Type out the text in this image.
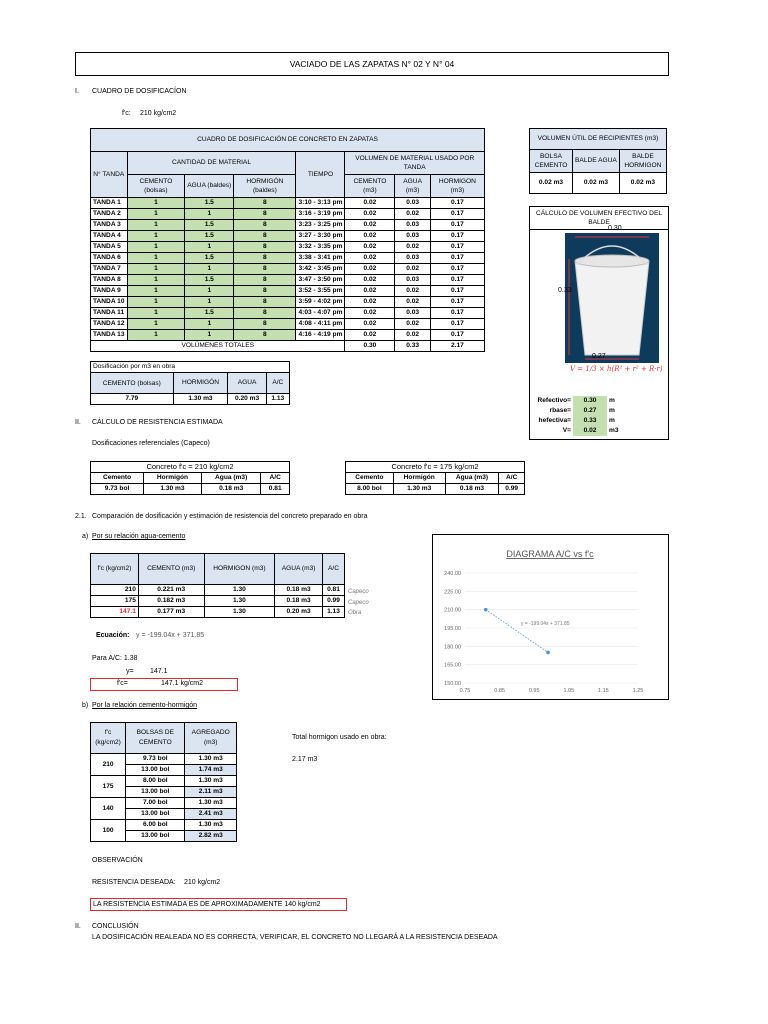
VACIADO DE LAS ZAPATAS N° 02 Y N° 04
I. CUADRO DE DOSIFICACÍON
f'c: 210 kg/cm2
CUADRO DE DOSIFICACIÓN DE CONCRETO EN ZAPATAS							
N° TANDA	CANTIDAD DE MATERIAL			TIEMPO	VOLUMEN DE MATERIAL USADO POR TANDA		
	CEMENTO (bolsas)	AGUA (baldes)	HORMIGÓN (baldes)		CEMENTO (m3)	AGUA (m3)	HORMIGON (m3)
TANDA 1	1	1.5	8	3:10 - 3:13 pm	0.02	0.03	0.17
TANDA 2	1	1	8	3:16 - 3:19 pm	0.02	0.02	0.17
TANDA 3	1	1.5	8	3:23 - 3:25 pm	0.02	0.03	0.17
TANDA 4	1	1.5	8	3:27 - 3:30 pm	0.02	0.03	0.17
TANDA 5	1	1	8	3:32 - 3:35 pm	0.02	0.02	0.17
TANDA 6	1	1.5	8	3:38 - 3:41 pm	0.02	0.03	0.17
TANDA 7	1	1	8	3:42 - 3:45 pm	0.02	0.02	0.17
TANDA 8	1	1.5	8	3:47 - 3:50 pm	0.02	0.03	0.17
TANDA 9	1	1	8	3:52 - 3:55 pm	0.02	0.02	0.17
TANDA 10	1	1	8	3:59 - 4:02 pm	0.02	0.02	0.17
TANDA 11	1	1.5	8	4:03 - 4:07 pm	0.02	0.03	0.17
TANDA 12	1	1	8	4:08 - 4:11 pm	0.02	0.02	0.17
TANDA 13	1	1	8	4:16 - 4:19 pm	0.02	0.02	0.17
VOLÚMENES TOTALES					0.30	0.33	2.17
VOLUMEN ÚTIL DE RECIPIENTES (m3)		
BOLSA CEMENTO	BALDE AGUA	BALDE HORMIGON
0.02 m3	0.02 m3	0.02 m3
CÁLCULO DE VOLUMEN EFECTIVO DEL BALDE
0.30
0.33
0.27
V = 1/3 × h(R² + r² + R·r)
Refectivo=	0.30	m
rbase=	0.27	m
hefectiva=	0.33	m
V=	0.02	m3
Dosificación por m3 en obra			
CEMENTO (bolsas)	HORMIGÓN	AGUA	A/C
7.79	1.30 m3	0.20 m3	1.13
II. CÁLCULO DE RESISTENCIA ESTIMADA
Dosificaciones referenciales (Capeco)
Concreto f'c = 210 kg/cm2			
Cemento	Hormigón	Agua (m3)	A/C
9.73 bol	1.30 m3	0.18 m3	0.81
Concreto f'c = 175 kg/cm2			
Cemento	Hormigón	Agua (m3)	A/C
8.00 bol	1.30 m3	0.18 m3	0.99
2.1. Comparación de dosificación y estimación de resistencia del concreto preparado en obra
a) Por su relación agua-cemento
f'c (kg/cm2)	CEMENTO (m3)	HORMIGON (m3)	AGUA (m3)	A/C
210	0.221 m3	1.30	0.18 m3	0.81
175	0.182 m3	1.30	0.18 m3	0.99
147.1	0.177 m3	1.30	0.20 m3	1.13
Capeco
Capeco
Obra
Ecuación: y = -199.04x + 371.85
Para A/C: 1.38
y= 147.1
f'c=	147.1 kg/cm2
DIAGRAMA A/C vs f'c
150.00
165.00
180.00
195.00
210.00
225.00
240.00
0.75	0.85	0.95	1.05	1.15	1.25
y = -199.04x + 371.85
b) Por la relación cemento-hormigón
f'c (kg/cm2)	BOLSAS DE CEMENTO	AGREGADO (m3)
210	9.73 bol	1.30 m3
	13.00 bol	1.74 m3
175	8.00 bol	1.30 m3
	13.00 bol	2.11 m3
140	7.00 bol	1.30 m3
	13.00 bol	2.41 m3
100	6.00 bol	1.30 m3
	13.00 bol	2.82 m3
Total hormigon usado en obra:
2.17 m3
OBSERVACIÓN
RESISTENCIA DESEADA: 210 kg/cm2
LA RESISTENCIA ESTIMADA ES DE APROXIMADAMENTE 140 kg/cm2
II. CONCLUSIÓN
LA DOSIFICACIÓN REALEADA NO ES CORRECTA, VERIFICAR, EL CONCRETO NO LLEGARÁ A LA RESISTENCIA DESEADA
